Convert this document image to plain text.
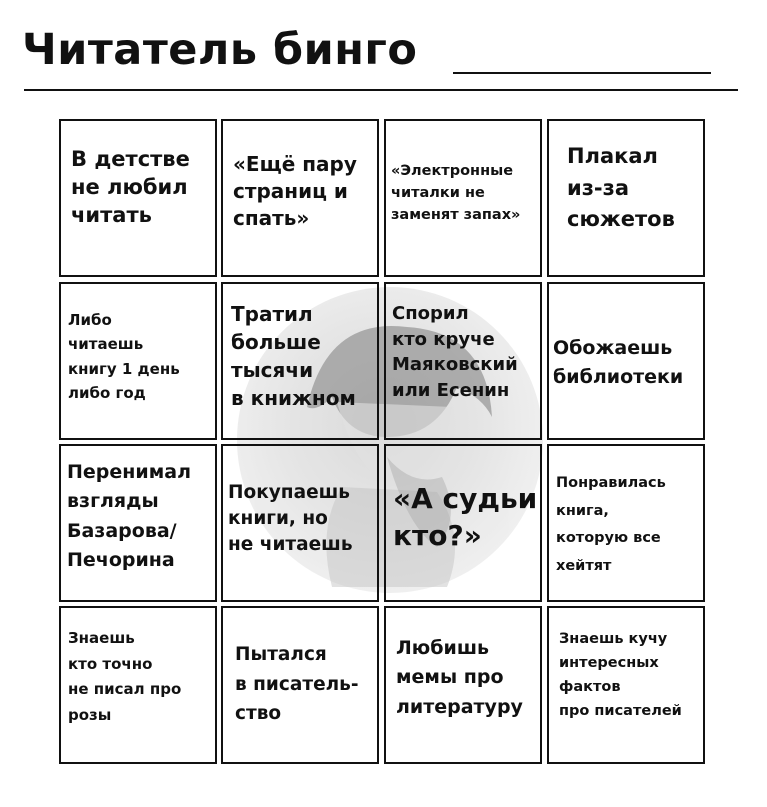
Читатель бинго
В детстве
не любил
читать
«Ещё пару
страниц и
спать»
«Электронные
читалки не
заменят запах»
Плакал
из-за
сюжетов
Либо
читаешь
книгу 1 день
либо год
Тратил
больше
тысячи
в книжном
Спорил
кто круче
Маяковский
или Есенин
Обожаешь
библиотеки
Перенимал
взгляды
Базарова/
Печорина
Покупаешь
книги, но
не читаешь
«А судьи
кто?»
Понравилась
книга,
которую все
хейтят
Знаешь
кто точно
не писал про
розы
Пытался
в писатель-
ство
Любишь
мемы про
литературу
Знаешь кучу
интересных
фактов
про писателей
